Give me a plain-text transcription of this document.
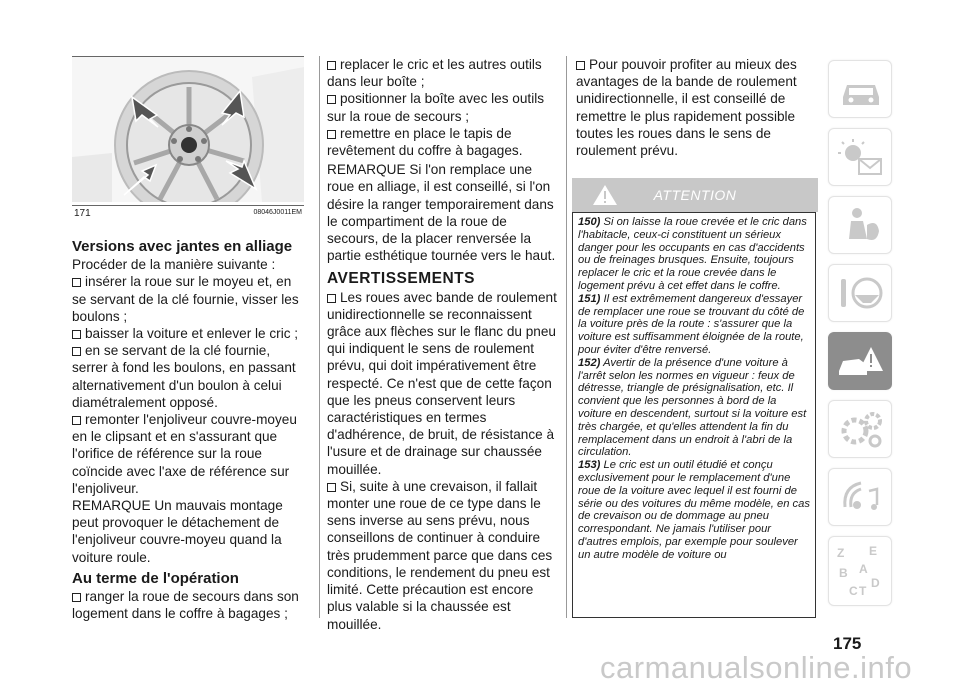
171	08046J0011EM
Versions avec jantes en alliage

Procéder de la manière suivante :

insérer la roue sur le moyeu et, en se servant de la clé fournie, visser les boulons ;

baisser la voiture et enlever le cric ;

en se servant de la clé fournie, serrer à fond les boulons, en passant alternativement d'un boulon à celui diamétralement opposé.

remonter l'enjoliveur couvre-moyeu en le clipsant et en s'assurant que l'orifice de référence sur la roue coïncide avec l'axe de référence sur l'enjoliveur.

REMARQUE Un mauvais montage peut provoquer le détachement de l'enjoliveur couvre-moyeu quand la voiture roule.

Au terme de l'opération

ranger la roue de secours dans son logement dans le coffre à bagages ;

replacer le cric et les autres outils dans leur boîte ;

positionner la boîte avec les outils sur la roue de secours ;

remettre en place le tapis de revêtement du coffre à bagages.

REMARQUE Si l'on remplace une roue en alliage, il est conseillé, si l'on désire la ranger temporairement dans le compartiment de la roue de secours, de la placer renversée la partie esthétique tournée vers le haut.

AVERTISSEMENTS

Les roues avec bande de roulement unidirectionnelle se reconnaissent grâce aux flèches sur le flanc du pneu qui indiquent le sens de roulement prévu, qui doit impérativement être respecté. Ce n'est que de cette façon que les pneus conservent leurs caractéristiques en termes d'adhérence, de bruit, de résistance à l'usure et de drainage sur chaussée mouillée.

Si, suite à une crevaison, il fallait monter une roue de ce type dans le sens inverse au sens prévu, nous conseillons de continuer à conduire très prudemment parce que dans ces conditions, le rendement du pneu est limité. Cette précaution est encore plus valable si la chaussée est mouillée.

Pour pouvoir profiter au mieux des avantages de la bande de roulement unidirectionnelle, il est conseillé de remettre le plus rapidement possible toutes les roues dans le sens de roulement prévu.

ATTENTION

150) Si on laisse la roue crevée et le cric dans l'habitacle, ceux-ci constituent un sérieux danger pour les occupants en cas d'accidents ou de freinages brusques. Ensuite, toujours replacer le cric et la roue crevée dans le logement prévu à cet effet dans le coffre.

151) Il est extrêmement dangereux d'essayer de remplacer une roue se trouvant du côté de la voiture près de la route : s'assurer que la voiture est suffisamment éloignée de la route, pour éviter d'être renversé.

152) Avertir de la présence d'une voiture à l'arrêt selon les normes en vigueur : feux de détresse, triangle de présignalisation, etc. Il convient que les personnes à bord de la voiture en descendent, surtout si la voiture est très chargée, et qu'elles attendent la fin du remplacement dans un endroit à l'abri de la circulation.

153) Le cric est un outil étudié et conçu exclusivement pour le remplacement d'une roue de la voiture avec lequel il est fourni de série ou des voitures du même modèle, en cas de crevaison ou de dommage au pneu correspondant. Ne jamais l'utiliser pour d'autres emplois, par exemple pour soulever un autre modèle de voiture ou	Z E
B A
C T
D
175
carmanualsonline.info
